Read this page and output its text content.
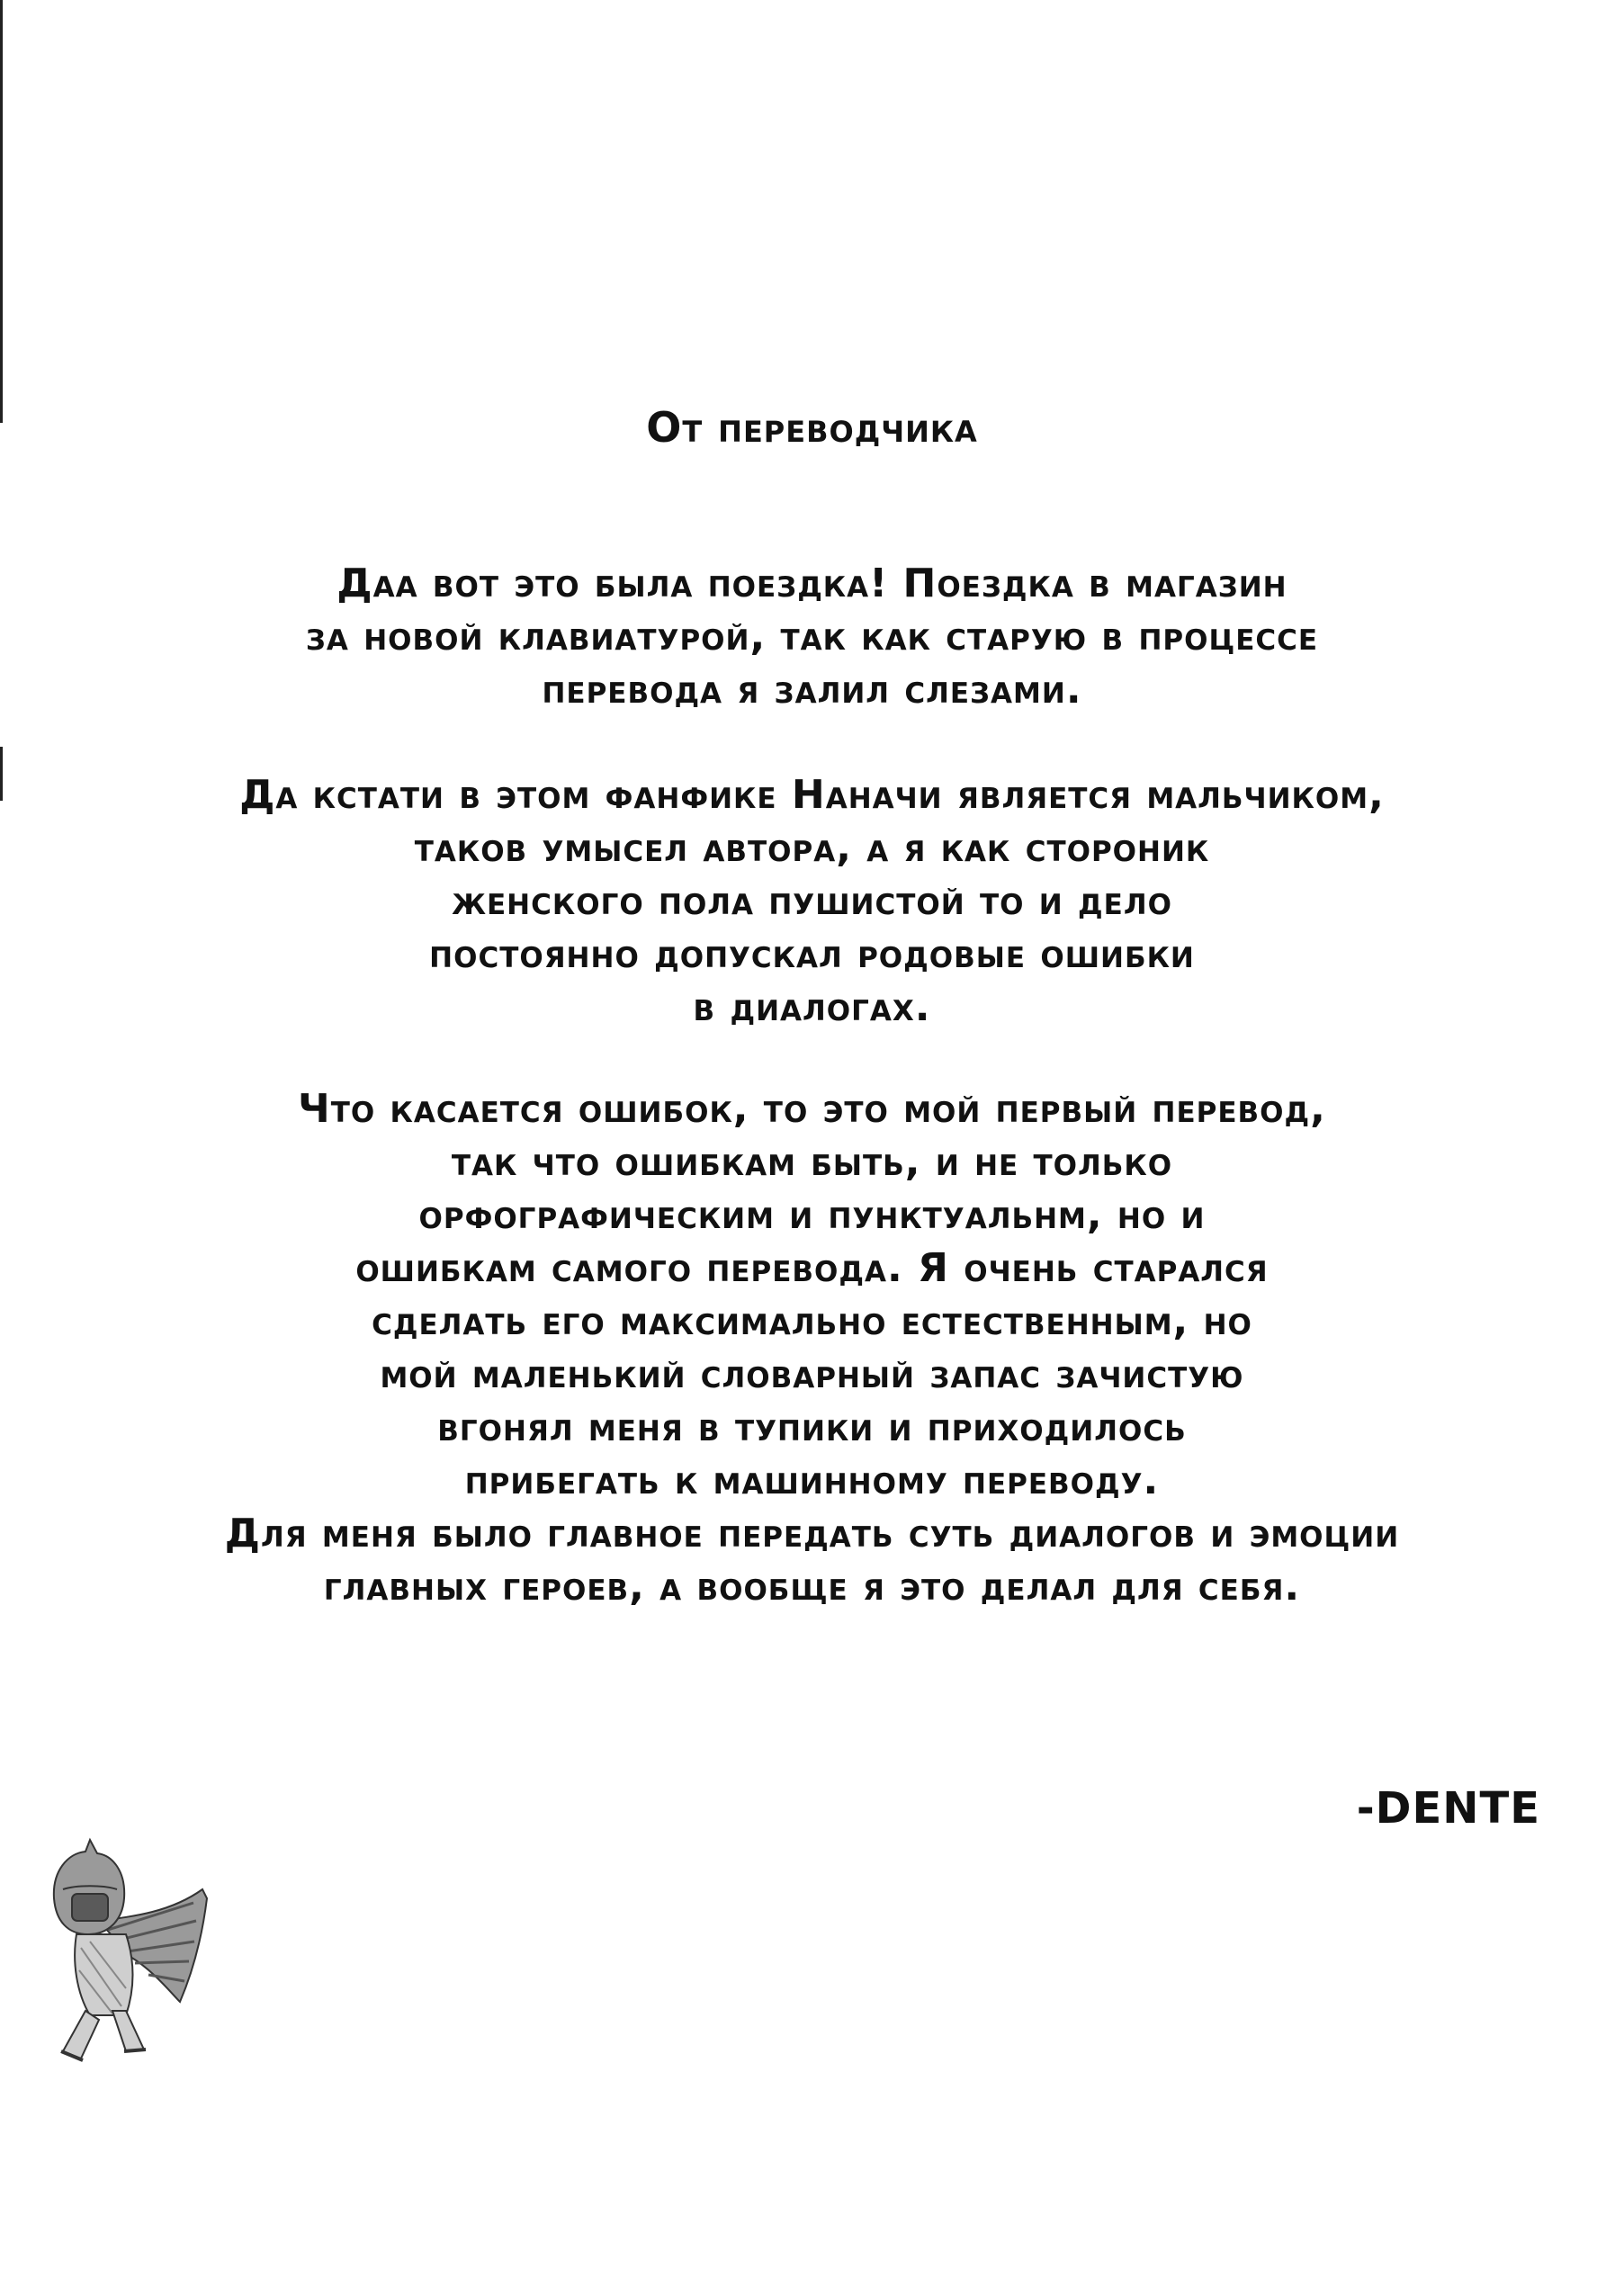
От переводчика
Даа вот это была поездка! Поездка в магазин
за новой клавиатурой, так как старую в процессе
перевода я залил слезами.
Да кстати в этом фанфике Наначи является мальчиком,
таков умысел автора, а я как стороник
женского пола пушистой то и дело
постоянно допускал родовые ошибки
в диалогах.
Что касается ошибок, то это мой первый перевод,
так что ошибкам быть, и не только
орфографическим и пунктуальнм, но и
ошибкам самого перевода. Я очень старался
сделать его максимально естественным, но
мой маленький словарный запас зачистую
вгонял меня в тупики и приходилось
прибегать к машинному переводу.
Для меня было главное передать суть диалогов и эмоции
главных героев, а вообще я это делал для себя.
-DENTE
